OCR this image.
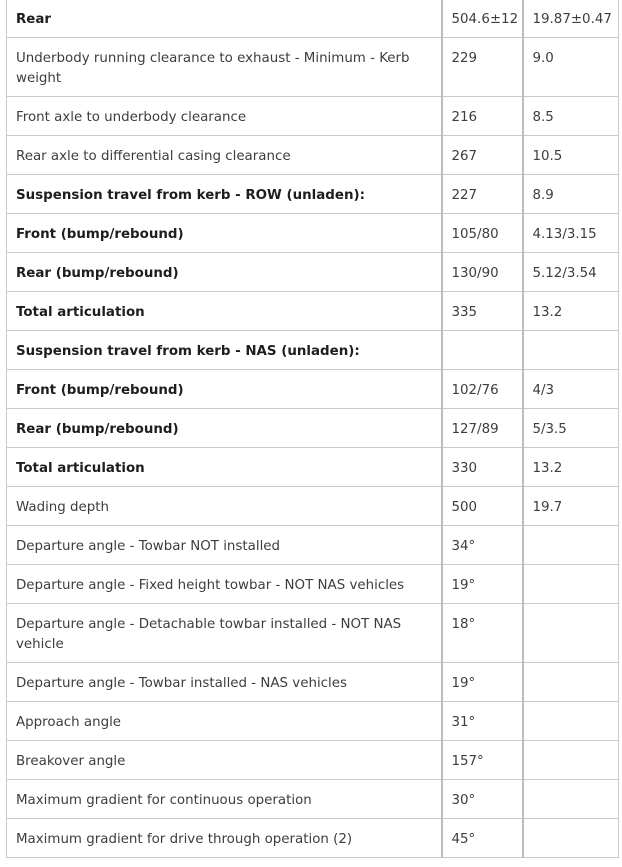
Rear	504.6±12	19.87±0.47
Underbody running clearance to exhaust - Minimum - Kerb weight	229	9.0
Front axle to underbody clearance	216	8.5
Rear axle to differential casing clearance	267	10.5
Suspension travel from kerb - ROW (unladen):	227	8.9
Front (bump/rebound)	105/80	4.13/3.15
Rear (bump/rebound)	130/90	5.12/3.54
Total articulation	335	13.2
Suspension travel from kerb - NAS (unladen):		
Front (bump/rebound)	102/76	4/3
Rear (bump/rebound)	127/89	5/3.5
Total articulation	330	13.2
Wading depth	500	19.7
Departure angle - Towbar NOT installed	34°	
Departure angle - Fixed height towbar - NOT NAS vehicles	19°	
Departure angle - Detachable towbar installed - NOT NAS vehicle	18°	
Departure angle - Towbar installed - NAS vehicles	19°	
Approach angle	31°	
Breakover angle	157°	
Maximum gradient for continuous operation	30°	
Maximum gradient for drive through operation (2)	45°	
